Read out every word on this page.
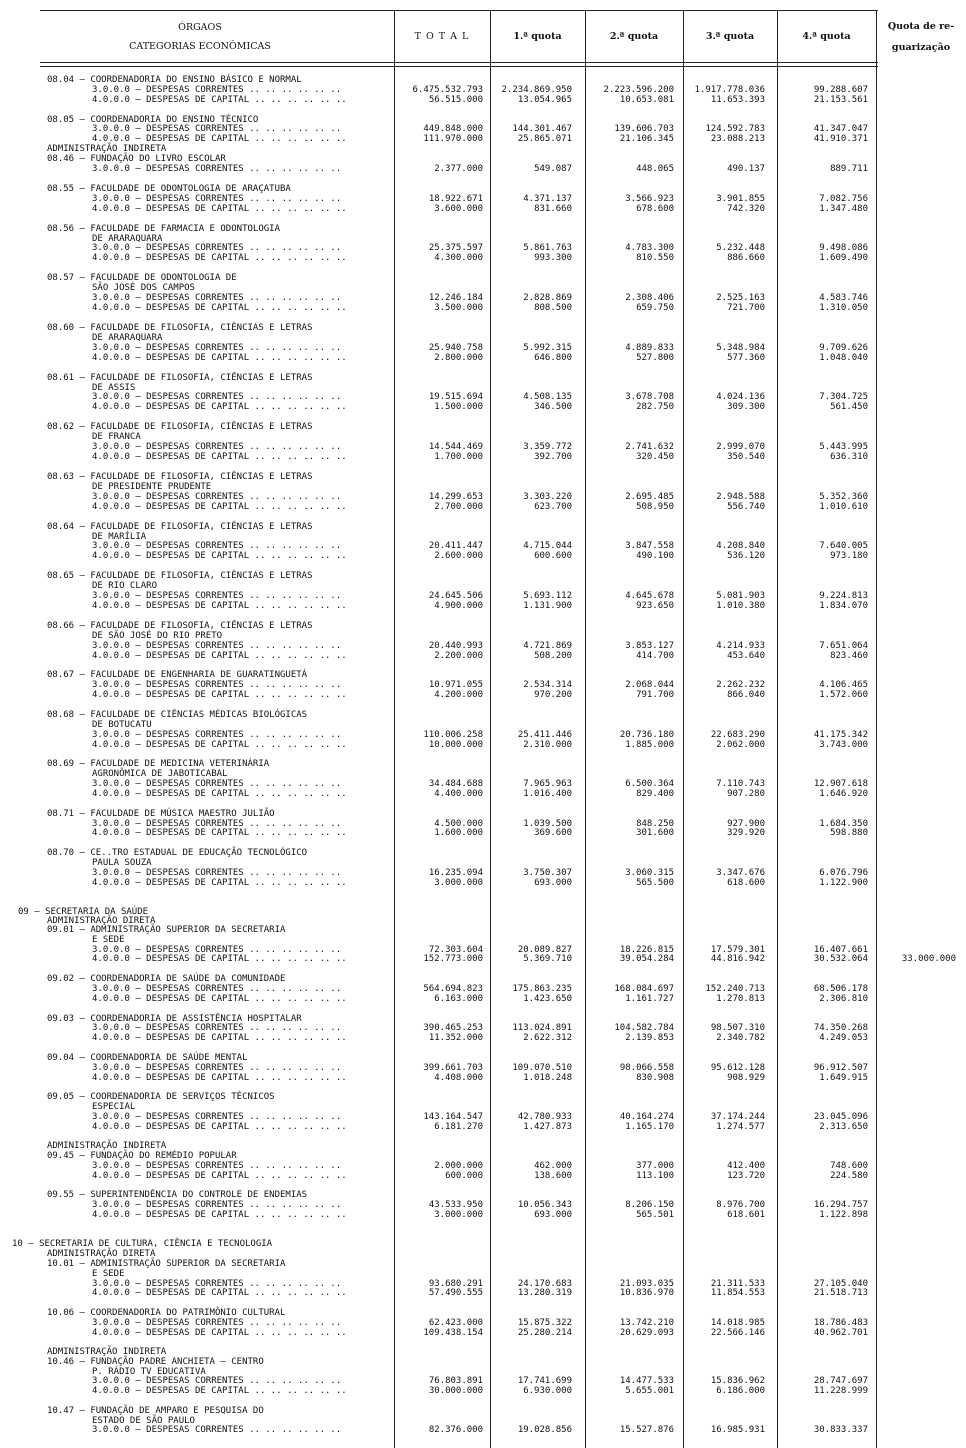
ÓRGAOS
CATEGORIAS ECONÔMICAS
T O T A L	1.ª quota	2.ª quota	3.ª quota	4.ª quota
Quota de re-
guarização
08.04 — COORDENADORIA DO ENSINO BÁSICO E NORMAL
3.0.0.0 — DESPESAS CORRENTES .. .. .. .. .. ..	6.475.532.793	2.234.869.950	2.223.596.200	1.917.778.036	99.288.607
4.0.0.0 — DESPESAS DE CAPITAL .. .. .. .. .. ..	56.515.000	13.054.965	10.653.081	11.653.393	21.153.561
08.05 — COORDENADORIA DO ENSINO TÉCNICO
3.0.0.0 — DESPESAS CORRENTES .. .. .. .. .. ..	449.848.000	144.301.467	139.606.703	124.592.783	41.347.047
4.0.0.0 — DESPESAS DE CAPITAL .. .. .. .. .. ..	111.970.000	25.865.071	21.106.345	23.088.213	41.910.371
ADMINISTRAÇÃO INDIRETA
08.46 — FUNDAÇÃO DO LIVRO ESCOLAR
3.0.0.0 — DESPESAS CORRENTES .. .. .. .. .. ..	2.377.000	549.087	448.065	490.137	889.711
08.55 — FACULDADE DE ODONTOLOGIA DE ARAÇATUBA
3.0.0.0 — DESPESAS CORRENTES .. .. .. .. .. ..	18.922.671	4.371.137	3.566.923	3.901.855	7.082.756
4.0.0.0 — DESPESAS DE CAPITAL .. .. .. .. .. ..	3.600.000	831.660	678.600	742.320	1.347.480
08.56 — FACULDADE DE FARMACIA E ODONTOLOGIA
DE ARARAQUARA
3.0.0.0 — DESPESAS CORRENTES .. .. .. .. .. ..	25.375.597	5.861.763	4.783.300	5.232.448	9.498.086
4.0.0.0 — DESPESAS DE CAPITAL .. .. .. .. .. ..	4.300.000	993.300	810.550	886.660	1.609.490
08.57 — FACULDADE DE ODONTOLOGIA DE
SÃO JOSÉ DOS CAMPOS
3.0.0.0 — DESPESAS CORRENTES .. .. .. .. .. ..	12.246.184	2.828.869	2.308.406	2.525.163	4.583.746
4.0.0.0 — DESPESAS DE CAPITAL .. .. .. .. .. ..	3.500.000	808.500	659.750	721.700	1.310.050
08.60 — FACULDADE DE FILOSOFIA, CIÊNCIAS E LETRAS
DE ARARAQUARA
3.0.0.0 — DESPESAS CORRENTES .. .. .. .. .. ..	25.940.758	5.992.315	4.889.833	5.348.984	9.709.626
4.0.0.0 — DESPESAS DE CAPITAL .. .. .. .. .. ..	2.800.000	646.800	527.800	577.360	1.048.040
08.61 — FACULDADE DE FILOSOFIA, CIÊNCIAS E LETRAS
DE ASSIS
3.0.0.0 — DESPESAS CORRENTES .. .. .. .. .. ..	19.515.694	4.508.135	3.678.708	4.024.136	7.304.725
4.0.0.0 — DESPESAS DE CAPITAL .. .. .. .. .. ..	1.500.000	346.500	282.750	309.300	561.450
08.62 — FACULDADE DE FILOSOFIA, CIÊNCIAS E LETRAS
DE FRANCA
3.0.0.0 — DESPESAS CORRENTES .. .. .. .. .. ..	14.544.469	3.359.772	2.741.632	2.999.070	5.443.995
4.0.0.0 — DESPESAS DE CAPITAL .. .. .. .. .. ..	1.700.000	392.700	320.450	350.540	636.310
08.63 — FACULDADE DE FILOSOFIA, CIÊNCIAS E LETRAS
DE PRESIDENTE PRUDENTE
3.0.0.0 — DESPESAS CORRENTES .. .. .. .. .. ..	14.299.653	3.303.220	2.695.485	2.948.588	5.352.360
4.0.0.0 — DESPESAS DE CAPITAL .. .. .. .. .. ..	2.700.000	623.700	508.950	556.740	1.010.610
08.64 — FACULDADE DE FILOSOFIA, CIÊNCIAS E LETRAS
DE MARÍLIA
3.0.0.0 — DESPESAS CORRENTES .. .. .. .. .. ..	20.411.447	4.715.044	3.847.558	4.208.840	7.640.005
4.0.0.0 — DESPESAS DE CAPITAL .. .. .. .. .. ..	2.600.000	600.600	490.100	536.120	973.180
08.65 — FACULDADE DE FILOSOFIA, CIÊNCIAS E LETRAS
DE RIO CLARO
3.0.0.0 — DESPESAS CORRENTES .. .. .. .. .. ..	24.645.506	5.693.112	4.645.678	5.081.903	9.224.813
4.0.0.0 — DESPESAS DE CAPITAL .. .. .. .. .. ..	4.900.000	1.131.900	923.650	1.010.380	1.834.070
08.66 — FACULDADE DE FILOSOFIA, CIÊNCIAS E LETRAS
DE SÃO JOSÉ DO RIO PRETO
3.0.0.0 — DESPESAS CORRENTES .. .. .. .. .. ..	20.440.993	4.721.869	3.853.127	4.214.933	7.651.064
4.0.0.0 — DESPESAS DE CAPITAL .. .. .. .. .. ..	2.200.000	508.200	414.700	453.640	823.460
08.67 — FACULDADE DE ENGENHARIA DE GUARATINGUETÁ
3.0.0.0 — DESPESAS CORRENTES .. .. .. .. .. ..	10.971.055	2.534.314	2.068.044	2.262.232	4.106.465
4.0.0.0 — DESPESAS DE CAPITAL .. .. .. .. .. ..	4.200.000	970.200	791.700	866.040	1.572.060
08.68 — FACULDADE DE CIÊNCIAS MÉDICAS BIOLÓGICAS
DE BOTUCATU
3.0.0.0 — DESPESAS CORRENTES .. .. .. .. .. ..	110.006.258	25.411.446	20.736.180	22.683.290	41.175.342
4.0.0.0 — DESPESAS DE CAPITAL .. .. .. .. .. ..	10.000.000	2.310.000	1.885.000	2.062.000	3.743.000
08.69 — FACULDADE DE MEDICINA VETERINÁRIA
AGRONÔMICA DE JABOTICABAL
3.0.0.0 — DESPESAS CORRENTES .. .. .. .. .. ..	34.484.688	7.965.963	6.500.364	7.110.743	12.907.618
4.0.0.0 — DESPESAS DE CAPITAL .. .. .. .. .. ..	4.400.000	1.016.400	829.400	907.280	1.646.920
08.71 — FACULDADE DE MÚSICA MAESTRO JULIÃO
3.0.0.0 — DESPESAS CORRENTES .. .. .. .. .. ..	4.500.000	1.039.500	848.250	927.900	1.684.350
4.0.0.0 — DESPESAS DE CAPITAL .. .. .. .. .. ..	1.600.000	369.600	301.600	329.920	598.880
08.70 — CE..TRO ESTADUAL DE EDUCAÇÃO TECNOLÓGICO
PAULA SOUZA
3.0.0.0 — DESPESAS CORRENTES .. .. .. .. .. ..	16.235.094	3.750.307	3.060.315	3.347.676	6.076.796
4.0.0.0 — DESPESAS DE CAPITAL .. .. .. .. .. ..	3.000.000	693.000	565.500	618.600	1.122.900
09 — SECRETARIA DA SAÚDE
ADMINISTRAÇÃO DIRETA
09.01 — ADMINISTRAÇÃO SUPERIOR DA SECRETARIA
E SEDE
3.0.0.0 — DESPESAS CORRENTES .. .. .. .. .. ..	72.303.604	20.089.827	18.226.815	17.579.301	16.407.661
4.0.0.0 — DESPESAS DE CAPITAL .. .. .. .. .. ..	152.773.000	5.369.710	39.054.284	44.816.942	30.532.064	33.000.000
09.02 — COORDENADORIA DE SAÚDE DA COMUNIDADE
3.0.0.0 — DESPESAS CORRENTES .. .. .. .. .. ..	564.694.823	175.863.235	168.084.697	152.240.713	68.506.178
4.0.0.0 — DESPESAS DE CAPITAL .. .. .. .. .. ..	6.163.000	1.423.650	1.161.727	1.270.813	2.306.810
09.03 — COORDENADORIA DE ASSISTÊNCIA HOSPITALAR
3.0.0.0 — DESPESAS CORRENTES .. .. .. .. .. ..	390.465.253	113.024.891	104.582.784	98.507.310	74.350.268
4.0.0.0 — DESPESAS DE CAPITAL .. .. .. .. .. ..	11.352.000	2.622.312	2.139.853	2.340.782	4.249.053
09.04 — COORDENADORIA DE SAÚDE MENTAL
3.0.0.0 — DESPESAS CORRENTES .. .. .. .. .. ..	399.661.703	109.070.510	98.066.558	95.612.128	96.912.507
4.0.0.0 — DESPESAS DE CAPITAL .. .. .. .. .. ..	4.408.000	1.018.248	830.908	908.929	1.649.915
09.05 — COORDENADORIA DE SERVIÇOS TÉCNICOS
ESPECIAL
3.0.0.0 — DESPESAS CORRENTES .. .. .. .. .. ..	143.164.547	42.780.933	40.164.274	37.174.244	23.045.096
4.0.0.0 — DESPESAS DE CAPITAL .. .. .. .. .. ..	6.181.270	1.427.873	1.165.170	1.274.577	2.313.650
ADMINISTRAÇÃO INDIRETA
09.45 — FUNDAÇÃO DO REMÉDIO POPULAR
3.0.0.0 — DESPESAS CORRENTES .. .. .. .. .. ..	2.000.000	462.000	377.000	412.400	748.600
4.0.0.0 — DESPESAS DE CAPITAL .. .. .. .. .. ..	600.000	138.600	113.100	123.720	224.580
09.55 — SUPERINTENDÊNCIA DO CONTROLE DE ENDEMIAS
3.0.0.0 — DESPESAS CORRENTES .. .. .. .. .. ..	43.533.950	10.056.343	8.206.150	8.976.700	16.294.757
4.0.0.0 — DESPESAS DE CAPITAL .. .. .. .. .. ..	3.000.000	693.000	565.501	618.601	1.122.898
10 — SECRETARIA DE CULTURA, CIÊNCIA E TECNOLOGIA
ADMINISTRAÇÃO DIRETA
10.01 — ADMINISTRAÇÃO SUPERIOR DA SECRETARIA
E SEDE
3.0.0.0 — DESPESAS CORRENTES .. .. .. .. .. ..	93.680.291	24.170.683	21.093.035	21.311.533	27.105.040
4.0.0.0 — DESPESAS DE CAPITAL .. .. .. .. .. ..	57.490.555	13.280.319	10.836.970	11.854.553	21.518.713
10.06 — COORDENADORIA DO PATRIMÔNIO CULTURAL
3.0.0.0 — DESPESAS CORRENTES .. .. .. .. .. ..	62.423.000	15.875.322	13.742.210	14.018.985	18.786.483
4.0.0.0 — DESPESAS DE CAPITAL .. .. .. .. .. ..	109.438.154	25.280.214	20.629.093	22.566.146	40.962.701
ADMINISTRAÇÃO INDIRETA
10.46 — FUNDAÇÃO PADRE ANCHIETA — CENTRO
P. RÁDIO TV EDUCATIVA
3.0.0.0 — DESPESAS CORRENTES .. .. .. .. .. ..	76.803.891	17.741.699	14.477.533	15.836.962	28.747.697
4.0.0.0 — DESPESAS DE CAPITAL .. .. .. .. .. ..	30.000.000	6.930.000	5.655.001	6.186.000	11.228.999
10.47 — FUNDAÇÃO DE AMPARO E PESQUISA DO
ESTADO DE SÃO PAULO
3.0.0.0 — DESPESAS CORRENTES .. .. .. .. .. ..	82.376.000	19.028.856	15.527.876	16.985.931	30.833.337
